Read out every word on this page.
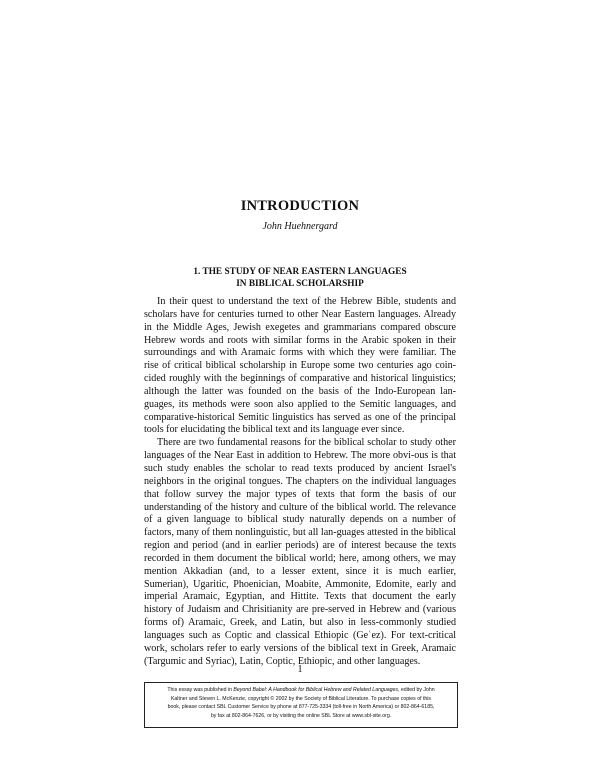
INTRODUCTION
John Huehnergard
1. THE STUDY OF NEAR EASTERN LANGUAGES
IN BIBLICAL SCHOLARSHIP

In their quest to understand the text of the Hebrew Bible, students and scholars have for centuries turned to other Near Eastern languages. Already in the Middle Ages, Jewish exegetes and grammarians compared obscure Hebrew words and roots with similar forms in the Arabic spoken in their surroundings and with Aramaic forms with which they were familiar. The rise of critical biblical scholarship in Europe some two centuries ago coin-cided roughly with the beginnings of comparative and historical linguistics; although the latter was founded on the basis of the Indo-European lan-guages, its methods were soon also applied to the Semitic languages, and comparative-historical Semitic linguistics has served as one of the principal tools for elucidating the biblical text and its language ever since.

There are two fundamental reasons for the biblical scholar to study other languages of the Near East in addition to Hebrew. The more obvi-ous is that such study enables the scholar to read texts produced by ancient Israel's neighbors in the original tongues. The chapters on the individual languages that follow survey the major types of texts that form the basis of our understanding of the history and culture of the biblical world. The relevance of a given language to biblical study naturally depends on a number of factors, many of them nonlinguistic, but all lan-guages attested in the biblical region and period (and in earlier periods) are of interest because the texts recorded in them document the biblical world; here, among others, we may mention Akkadian (and, to a lesser extent, since it is much earlier, Sumerian), Ugaritic, Phoenician, Moabite, Ammonite, Edomite, early and imperial Aramaic, Egyptian, and Hittite. Texts that document the early history of Judaism and Chrisitianity are pre-served in Hebrew and (various forms of) Aramaic, Greek, and Latin, but also in less-commonly studied languages such as Coptic and classical Ethiopic (Geʿez). For text-critical work, scholars refer to early versions of the biblical text in Greek, Aramaic (Targumic and Syriac), Latin, Coptic, Ethiopic, and other languages.

1
This essay was published in Beyond Babel: A Handbook for Biblical Hebrew and Related Languages, edited by John
Kaltner and Steven L. McKenzie, copyright © 2002 by the Society of Biblical Literature. To purchase copies of this
book, please contact SBL Customer Service by phone at 877-725-3334 (toll-free in North America) or 802-864-6185,
by fax at 802-864-7626, or by visiting the online SBL Store at www.sbl-site.org.
